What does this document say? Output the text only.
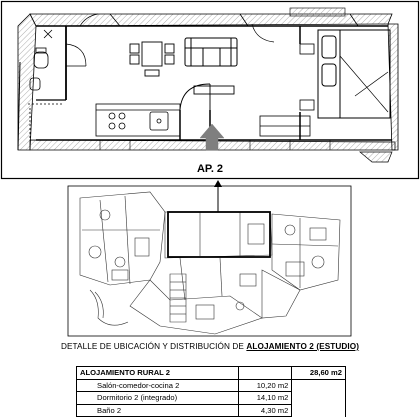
AP. 2
DETALLE DE UBICACIÓN Y DISTRIBUCIÓN DE ALOJAMIENTO 2 (ESTUDIO)
ALOJAMIENTO RURAL 2		28,60 m2
Salón-comedor-cocina 2	10,20 m2	
Dormitorio 2 (integrado)	14,10 m2	
Baño 2	4,30 m2	
